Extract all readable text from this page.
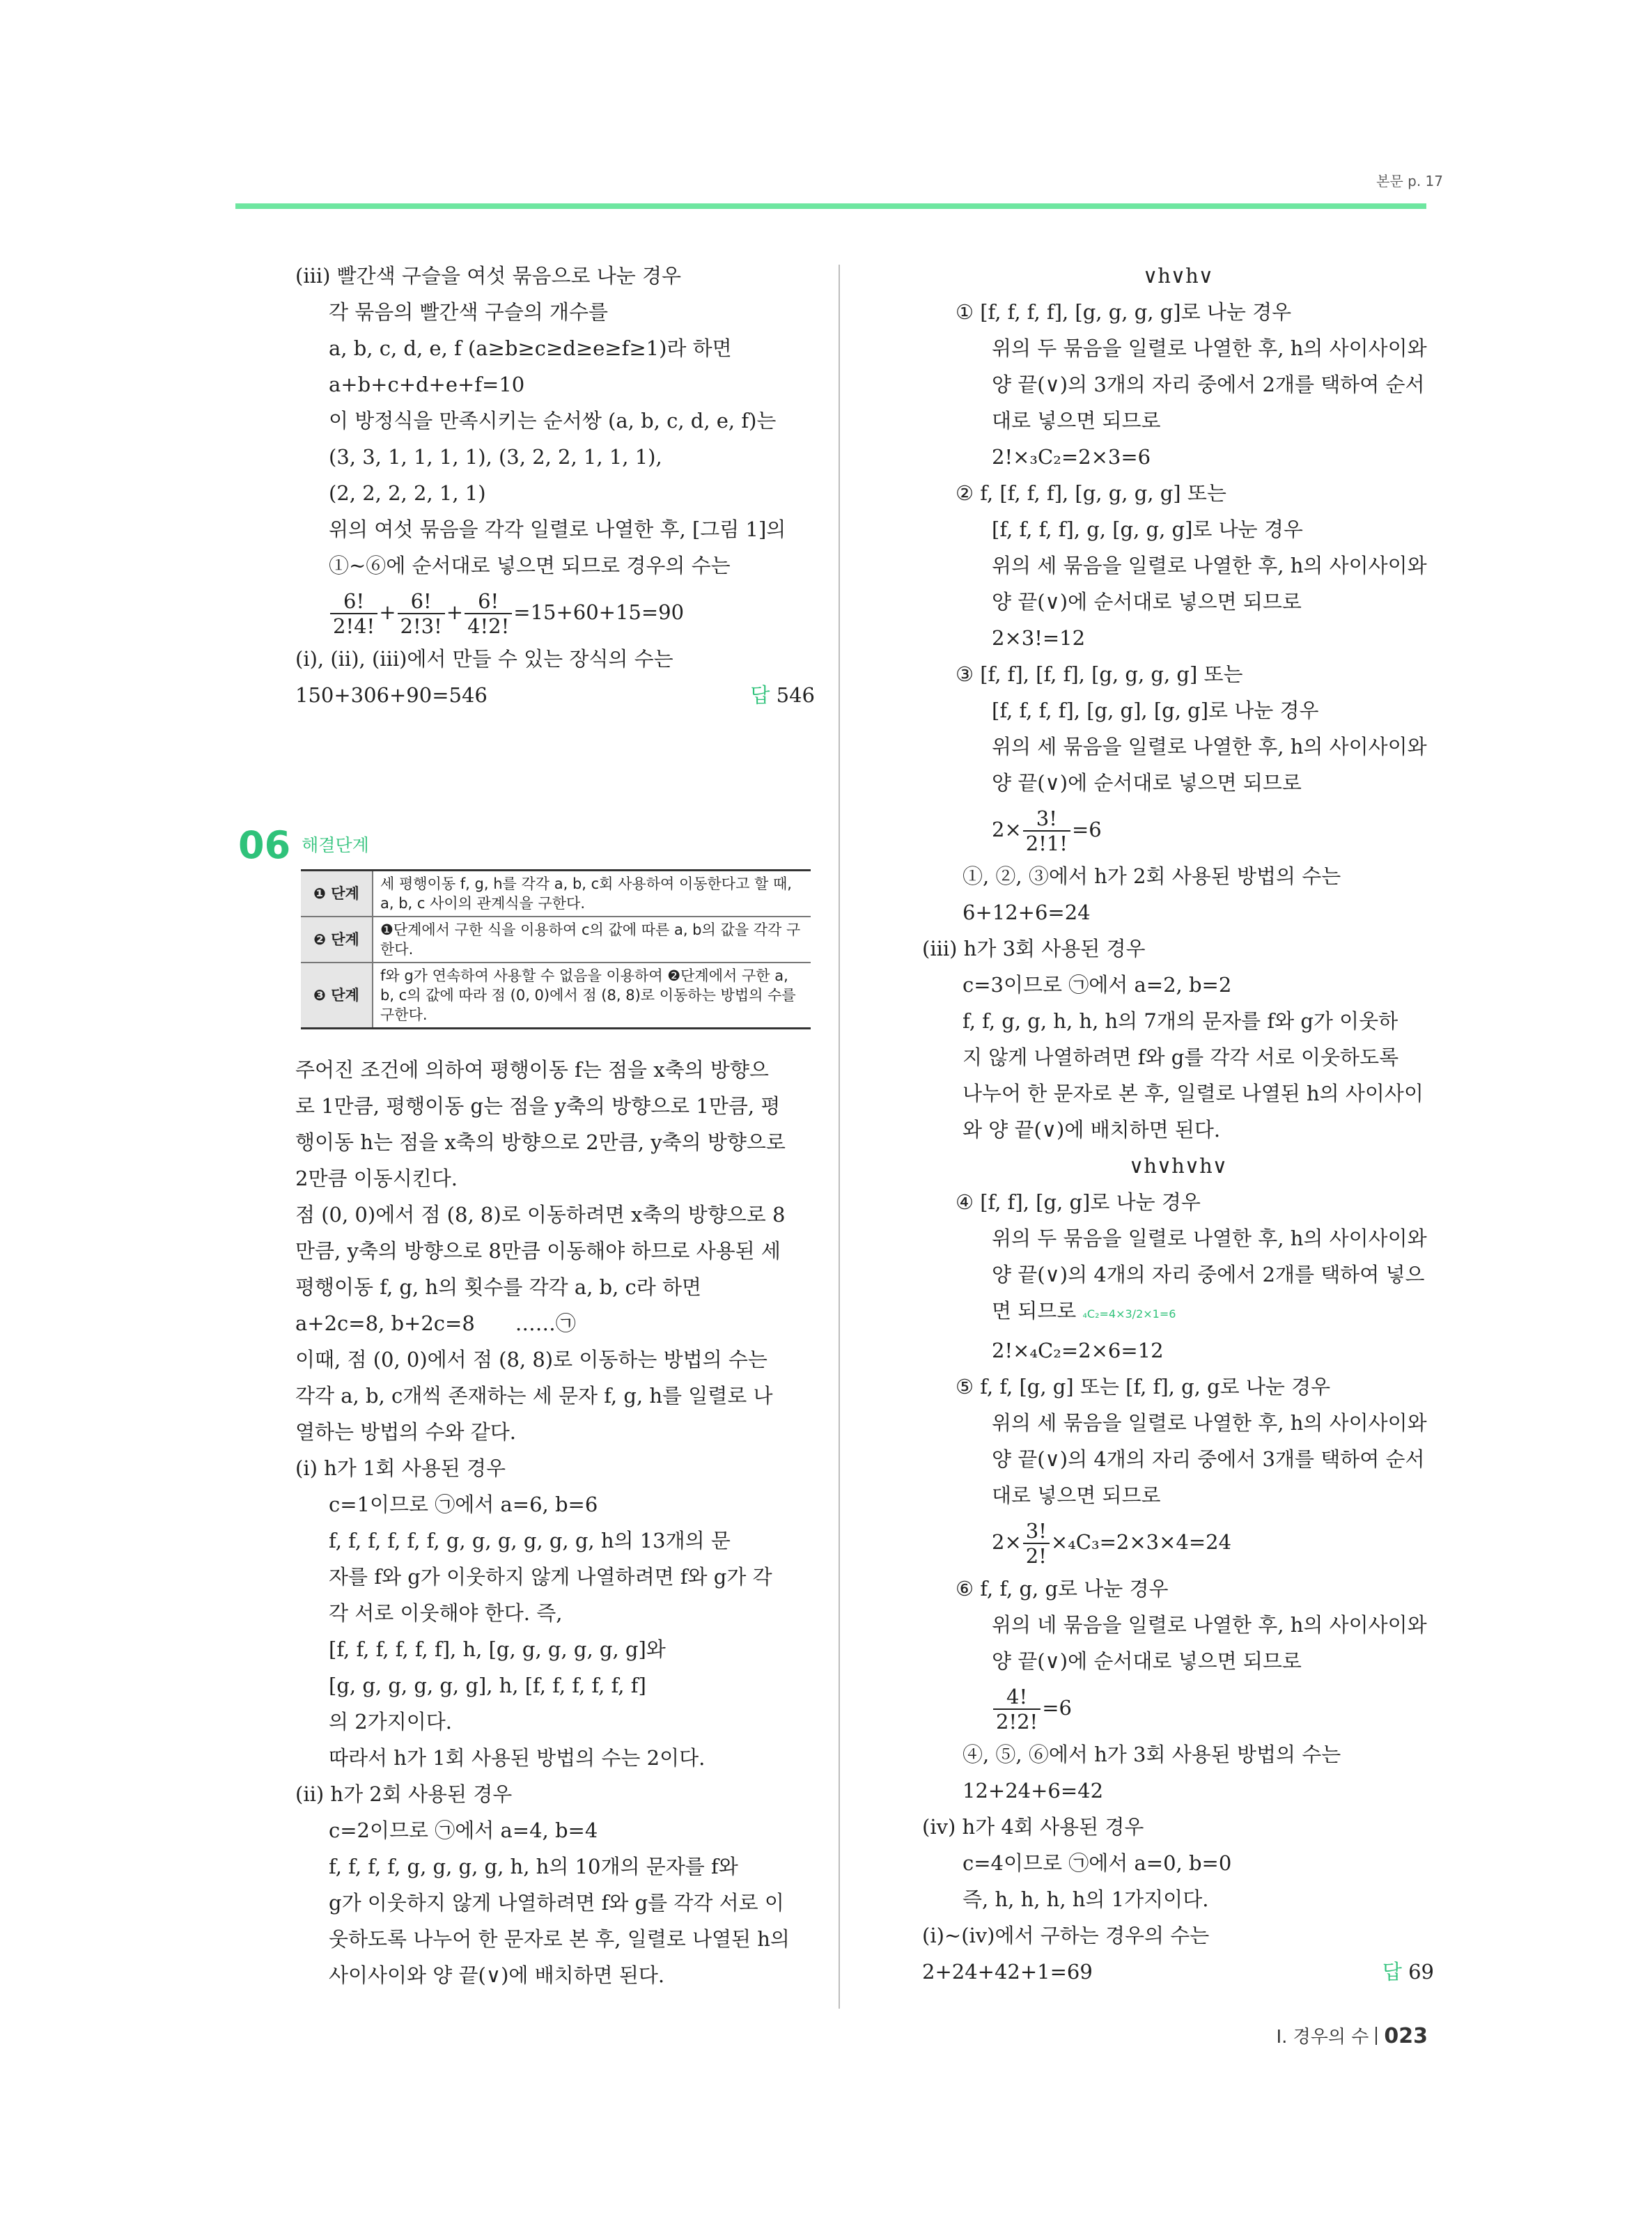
본문 p. 17
(iii) 빨간색 구슬을 여섯 묶음으로 나눈 경우
각 묶음의 빨간색 구슬의 개수를
a, b, c, d, e, f (a≥b≥c≥d≥e≥f≥1)라 하면
a+b+c+d+e+f=10
이 방정식을 만족시키는 순서쌍 (a, b, c, d, e, f)는
(3, 3, 1, 1, 1, 1), (3, 2, 2, 1, 1, 1),
(2, 2, 2, 2, 1, 1)
위의 여섯 묶음을 각각 일렬로 나열한 후, [그림 1]의
①~⑥에 순서대로 넣으면 되므로 경우의 수는
$\frac{6!}{2!4!} + \frac{6!}{2!3!} + \frac{6!}{4!2!} =15+60+15=90$
(i), (ii), (iii)에서 만들 수 있는 장식의 수는
150+306+90=546	답 546
06 해결단계
❶ 단계	세 평행이동 f, g, h를 각각 a, b, c회 사용하여 이동한다고 할 때, a, b, c 사이의 관계식을 구한다.
❷ 단계	❶단계에서 구한 식을 이용하여 c의 값에 따른 a, b의 값을 각각 구한다.
❸ 단계	f와 g가 연속하여 사용할 수 없음을 이용하여 ❷단계에서 구한 a, b, c의 값에 따라 점 (0, 0)에서 점 (8, 8)로 이동하는 방법의 수를 구한다.
주어진 조건에 의하여 평행이동 f는 점을 x축의 방향으
로 1만큼, 평행이동 g는 점을 y축의 방향으로 1만큼, 평
행이동 h는 점을 x축의 방향으로 2만큼, y축의 방향으로
2만큼 이동시킨다.
점 (0, 0)에서 점 (8, 8)로 이동하려면 x축의 방향으로 8
만큼, y축의 방향으로 8만큼 이동해야 하므로 사용된 세
평행이동 f, g, h의 횟수를 각각 a, b, c라 하면
a+2c=8, b+2c=8　　……㉠
이때, 점 (0, 0)에서 점 (8, 8)로 이동하는 방법의 수는
각각 a, b, c개씩 존재하는 세 문자 f, g, h를 일렬로 나
열하는 방법의 수와 같다.
(i) h가 1회 사용된 경우
c=1이므로 ㉠에서 a=6, b=6
f, f, f, f, f, f, g, g, g, g, g, g, h의 13개의 문
자를 f와 g가 이웃하지 않게 나열하려면 f와 g가 각
각 서로 이웃해야 한다. 즉,
[f, f, f, f, f, f], h, [g, g, g, g, g, g]와
[g, g, g, g, g, g], h, [f, f, f, f, f, f]
의 2가지이다.
따라서 h가 1회 사용된 방법의 수는 2이다.
(ii) h가 2회 사용된 경우
c=2이므로 ㉠에서 a=4, b=4
f, f, f, f, g, g, g, g, h, h의 10개의 문자를 f와
g가 이웃하지 않게 나열하려면 f와 g를 각각 서로 이
웃하도록 나누어 한 문자로 본 후, 일렬로 나열된 h의
사이사이와 양 끝(∨)에 배치하면 된다.
∨h∨h∨
① [f, f, f, f], [g, g, g, g]로 나눈 경우
위의 두 묶음을 일렬로 나열한 후, h의 사이사이와
양 끝(∨)의 3개의 자리 중에서 2개를 택하여 순서
대로 넣으면 되므로
2!×₃C₂=2×3=6
② f, [f, f, f], [g, g, g, g] 또는
[f, f, f, f], g, [g, g, g]로 나눈 경우
위의 세 묶음을 일렬로 나열한 후, h의 사이사이와
양 끝(∨)에 순서대로 넣으면 되므로
2×3!=12
③ [f, f], [f, f], [g, g, g, g] 또는
[f, f, f, f], [g, g], [g, g]로 나눈 경우
위의 세 묶음을 일렬로 나열한 후, h의 사이사이와
양 끝(∨)에 순서대로 넣으면 되므로
$2\times \frac{3!}{2!1!} =6$
①, ②, ③에서 h가 2회 사용된 방법의 수는
6+12+6=24
(iii) h가 3회 사용된 경우
c=3이므로 ㉠에서 a=2, b=2
f, f, g, g, h, h, h의 7개의 문자를 f와 g가 이웃하
지 않게 나열하려면 f와 g를 각각 서로 이웃하도록
나누어 한 문자로 본 후, 일렬로 나열된 h의 사이사이
와 양 끝(∨)에 배치하면 된다.
∨h∨h∨h∨
④ [f, f], [g, g]로 나눈 경우
위의 두 묶음을 일렬로 나열한 후, h의 사이사이와
양 끝(∨)의 4개의 자리 중에서 2개를 택하여 넣으
면 되므로 ₄C₂=4×3/2×1=6
2!×₄C₂=2×6=12
⑤ f, f, [g, g] 또는 [f, f], g, g로 나눈 경우
위의 세 묶음을 일렬로 나열한 후, h의 사이사이와
양 끝(∨)의 4개의 자리 중에서 3개를 택하여 순서
대로 넣으면 되므로
$2\times \frac{3!}{2!} \times_4C_3=2\times 3\times 4=24$
⑥ f, f, g, g로 나눈 경우
위의 네 묶음을 일렬로 나열한 후, h의 사이사이와
양 끝(∨)에 순서대로 넣으면 되므로
$\frac{4!}{2!2!} =6$
④, ⑤, ⑥에서 h가 3회 사용된 방법의 수는
12+24+6=42
(iv) h가 4회 사용된 경우
c=4이므로 ㉠에서 a=0, b=0
즉, h, h, h, h의 1가지이다.
(i)~(iv)에서 구하는 경우의 수는
2+24+42+1=69	답 69
Ⅰ. 경우의 수 023
